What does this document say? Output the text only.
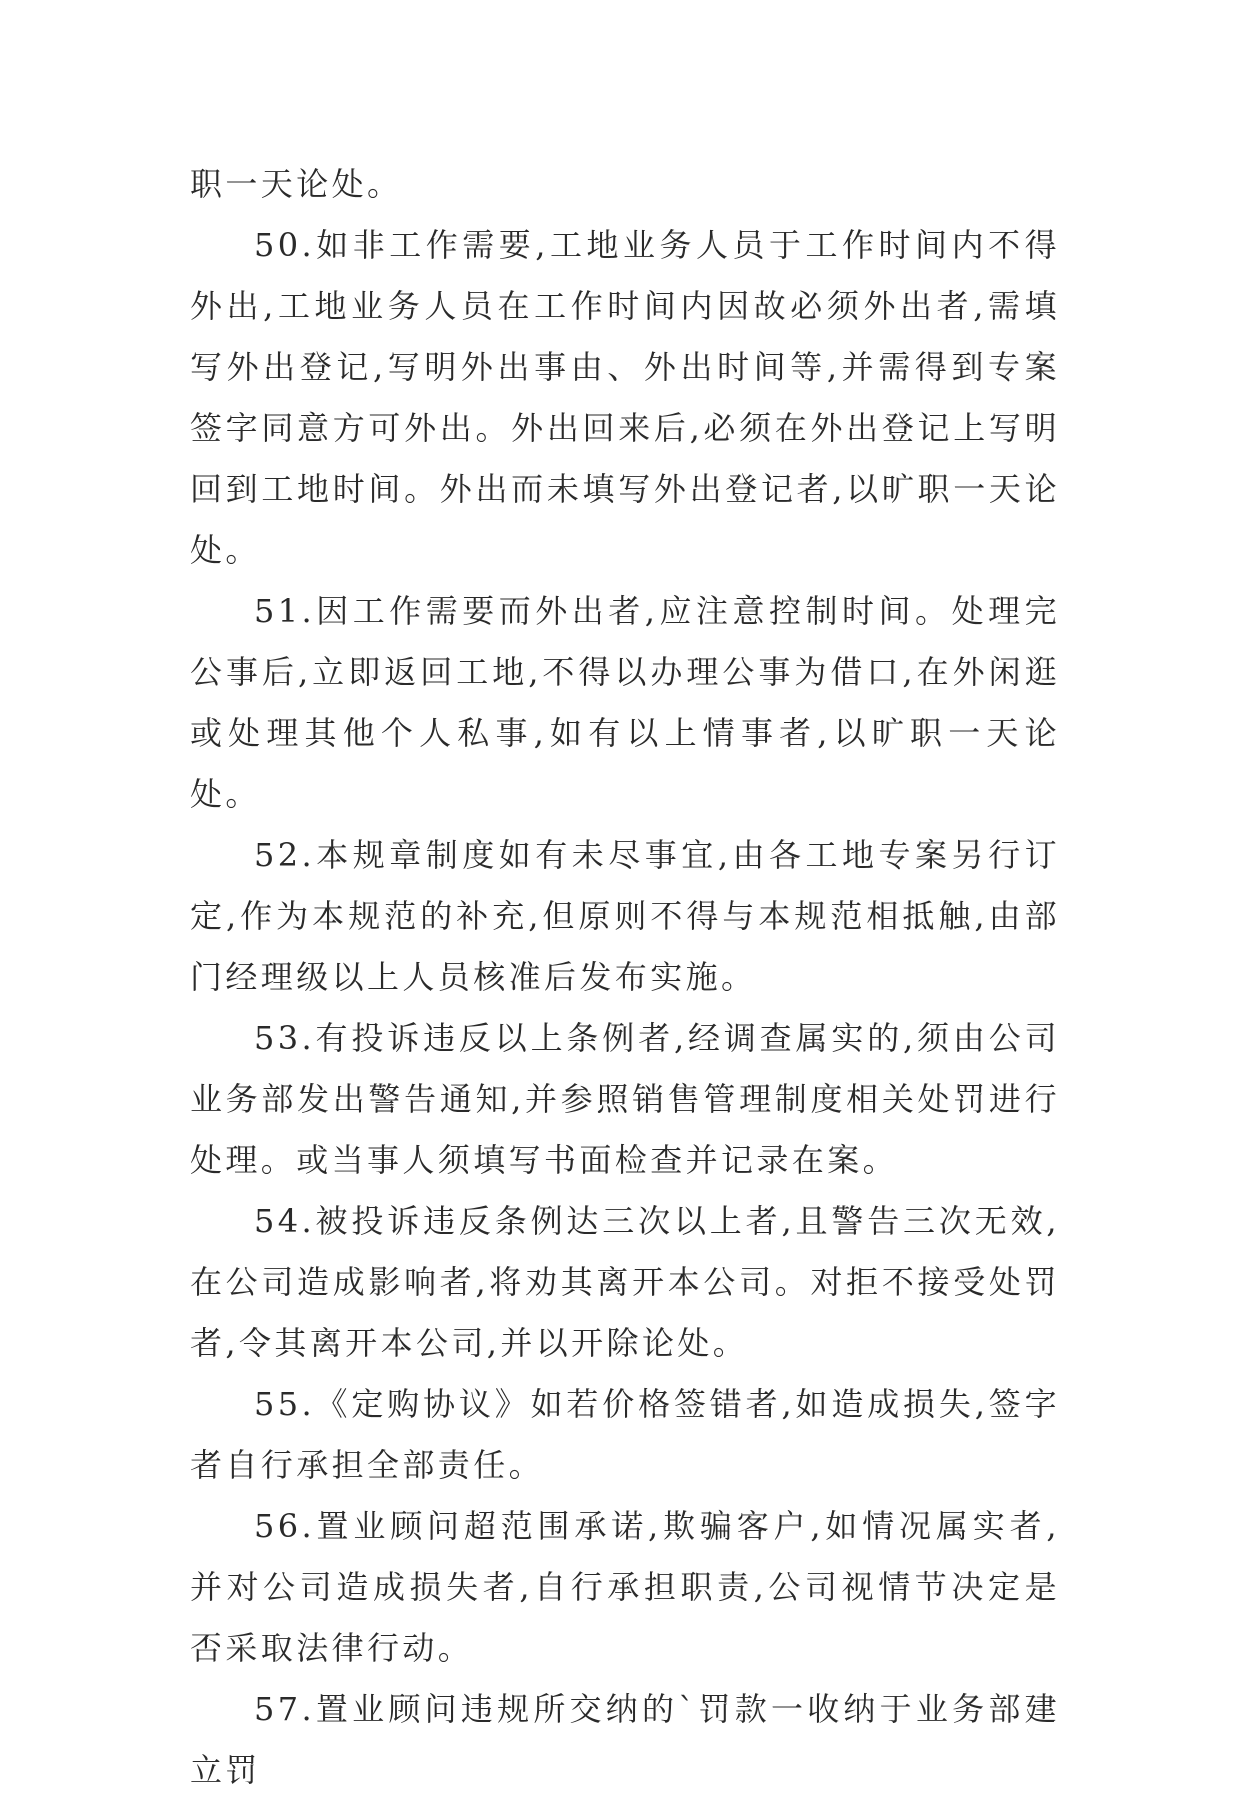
职一天论处。

50.如非工作需要,工地业务人员于工作时间内不得外出,工地业务人员在工作时间内因故必须外出者,需填写外出登记,写明外出事由、外出时间等,并需得到专案签字同意方可外出。外出回来后,必须在外出登记上写明回到工地时间。外出而未填写外出登记者,以旷职一天论处。

51.因工作需要而外出者,应注意控制时间。处理完公事后,立即返回工地,不得以办理公事为借口,在外闲逛或处理其他个人私事,如有以上情事者,以旷职一天论处。

52.本规章制度如有未尽事宜,由各工地专案另行订定,作为本规范的补充,但原则不得与本规范相抵触,由部门经理级以上人员核准后发布实施。

53.有投诉违反以上条例者,经调查属实的,须由公司业务部发出警告通知,并参照销售管理制度相关处罚进行处理。或当事人须填写书面检查并记录在案。

54.被投诉违反条例达三次以上者,且警告三次无效,在公司造成影响者,将劝其离开本公司。对拒不接受处罚者,令其离开本公司,并以开除论处。

55.《定购协议》如若价格签错者,如造成损失,签字者自行承担全部责任。

56.置业顾问超范围承诺,欺骗客户,如情况属实者,并对公司造成损失者,自行承担职责,公司视情节决定是否采取法律行动。

57.置业顾问违规所交纳的`罚款一收纳于业务部建立罚
